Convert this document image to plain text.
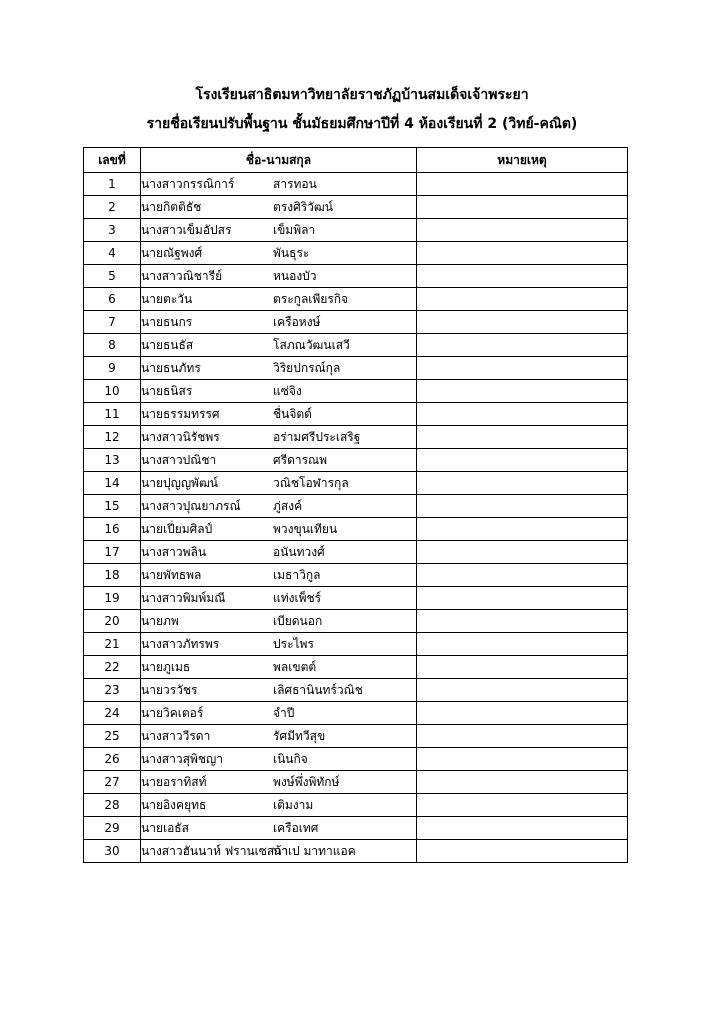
โรงเรียนสาธิตมหาวิทยาลัยราชภัฏบ้านสมเด็จเจ้าพระยา
รายชื่อเรียนปรับพื้นฐาน ชั้นมัธยมศึกษาปีที่ 4 ห้องเรียนที่ 2 (วิทย์-คณิต)
เลขที่	ชื่อ-นามสกุล	หมายเหตุ
1	นางสาวกรรณิการ์ สารทอน	
2	นายกิตติธัช ตรงศิริวัฒน์	
3	นางสาวเข็มอัปสร เข็มพิลา	
4	นายณัฐพงศ์ พันธุระ	
5	นางสาวณิชารีย์ หนองบัว	
6	นายตะวัน ตระกูลเพียรกิจ	
7	นายธนกร เครือหงษ์	
8	นายธนธัส โสภณวัฒนเสวี	
9	นายธนภัทร วิริยปกรณ์กุล	
10	นายธนิสร แซ่จิง	
11	นายธรรมทรรศ ชื่นจิตต์	
12	นางสาวนิรัชพร อร่ามศรีประเสริฐ	
13	นางสาวปณิชา ศรีดารณพ	
14	นายปุญญพัฒน์ วณิชโอฬารกุล	
15	นางสาวปุณยาภรณ์ ภู่สงค์	
16	นายเปี่ยมศิลป์ พวงขุนเทียน	
17	นางสาวพลิน อนันทวงศ์	
18	นายพัทธพล เมธาวิกูล	
19	นางสาวพิมพ์มณี แท่งเพ็ชร์	
20	นายภพ เบียดนอก	
21	นางสาวภัทรพร ประไพร	
22	นายภูเมธ พลเขตต์	
23	นายวรวัชร เลิศธานินทร์วณิช	
24	นายวิคเตอร์ จำปี	
25	นางสาววีรดา รัศมีทวีสุข	
26	นางสาวสุพิชญา เนินกิจ	
27	นายอราทิสท์ พงษ์พึ่งพิทักษ์	
28	นายอิงคยุทธ เติมงาม	
29	นายเอธัส เครือเทศ	
30	นางสาวฮันนาห์ ฟรานเซสก้านาเป มาทาแอค	
